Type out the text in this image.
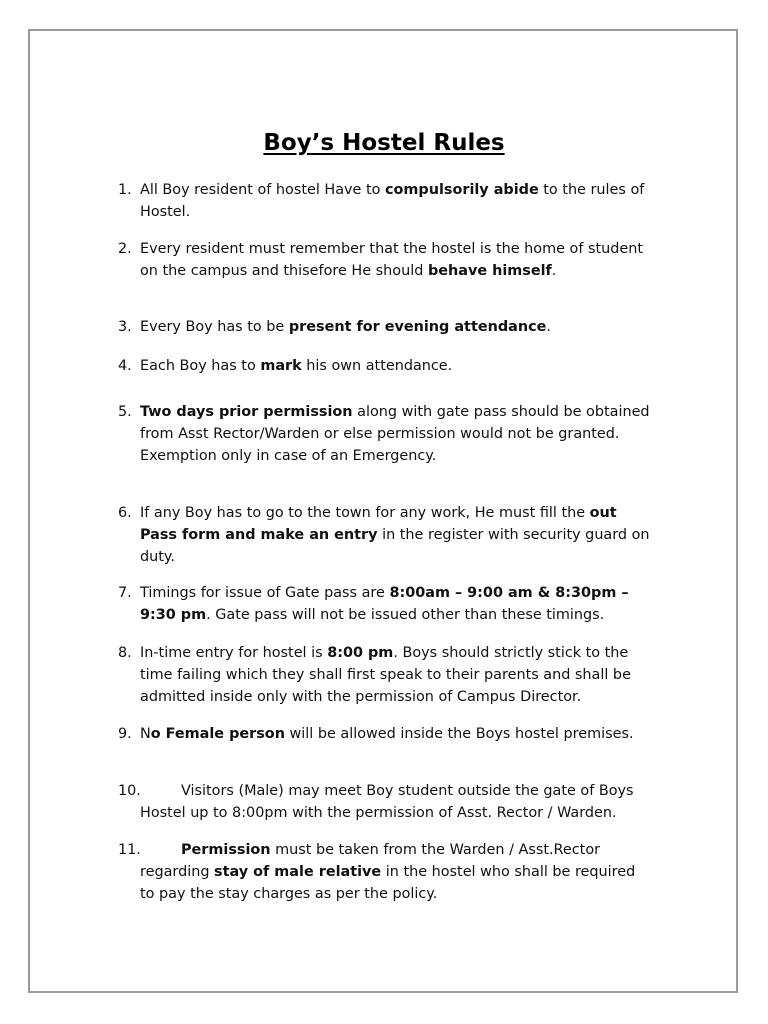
Boy’s Hostel Rules
1. All Boy resident of hostel Have to compulsorily abide to the rules of
Hostel.
2. Every resident must remember that the hostel is the home of student
on the campus and thisefore He should behave himself.
3. Every Boy has to be present for evening attendance.
4. Each Boy has to mark his own attendance.
5. Two days prior permission along with gate pass should be obtained
from Asst Rector/Warden or else permission would not be granted.
Exemption only in case of an Emergency.
6. If any Boy has to go to the town for any work, He must fill the out
Pass form and make an entry in the register with security guard on
duty.
7. Timings for issue of Gate pass are 8:00am – 9:00 am & 8:30pm –
9:30 pm. Gate pass will not be issued other than these timings.
8. In-time entry for hostel is 8:00 pm. Boys should strictly stick to the
time failing which they shall first speak to their parents and shall be
admitted inside only with the permission of Campus Director.
9. No Female person will be allowed inside the Boys hostel premises.
10.	Visitors (Male) may meet Boy student outside the gate of Boys
Hostel up to 8:00pm with the permission of Asst. Rector / Warden.
11.	Permission must be taken from the Warden / Asst.Rector
regarding stay of male relative in the hostel who shall be required
to pay the stay charges as per the policy.
